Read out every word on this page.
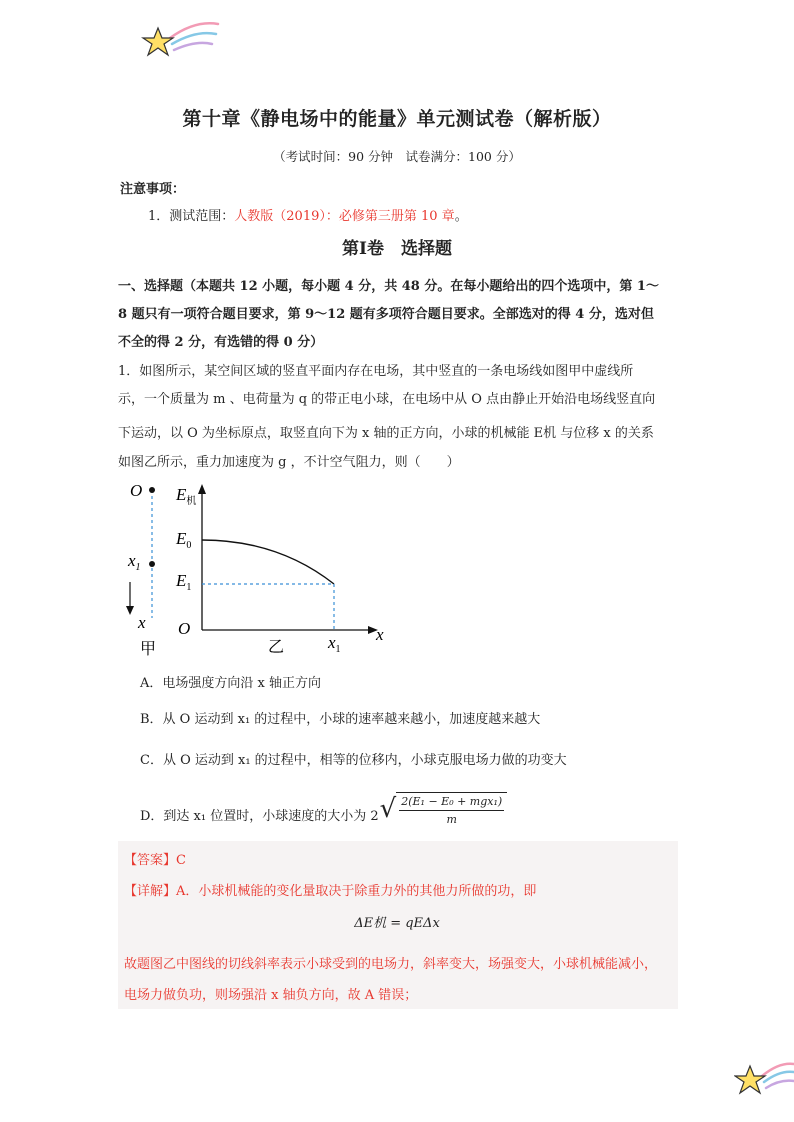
第十章《静电场中的能量》单元测试卷（解析版）
（考试时间：90 分钟　试卷满分：100 分）
注意事项：
1．测试范围：人教版（2019）：必修第三册第 10 章。
第Ⅰ卷　选择题
一、选择题（本题共 12 小题，每小题 4 分，共 48 分。在每小题给出的四个选项中，第 1～
8 题只有一项符合题目要求，第 9～12 题有多项符合题目要求。全部选对的得 4 分，选对但
不全的得 2 分，有选错的得 0 分）
1．如图所示，某空间区域的竖直平面内存在电场，其中竖直的一条电场线如图甲中虚线所
示，一个质量为 m 、电荷量为 q 的带正电小球，在电场中从 O 点由静止开始沿电场线竖直向
下运动，以 O 为坐标原点，取竖直向下为 x 轴的正方向，小球的机械能 E机 与位移 x 的关系
如图乙所示，重力加速度为 g ，不计空气阻力，则（　　）
O
$x_1$
x
甲
$E_机$
$E_0$
$E_1$
O	x
$x_1$
乙
A．电场强度方向沿 x 轴正方向
B．从 O 运动到 x₁ 的过程中，小球的速率越来越小，加速度越来越大
C．从 O 运动到 x₁ 的过程中，相等的位移内，小球克服电场力做的功变大
D．到达 x₁ 位置时，小球速度的大小为 2 √ 2(E₁ − E₀ + mgx₁)
m
【答案】C
【详解】A．小球机械能的变化量取决于除重力外的其他力所做的功，即
ΔE机 = qEΔx
故题图乙中图线的切线斜率表示小球受到的电场力，斜率变大，场强变大，小球机械能减小，
电场力做负功，则场强沿 x 轴负方向，故 A 错误；
